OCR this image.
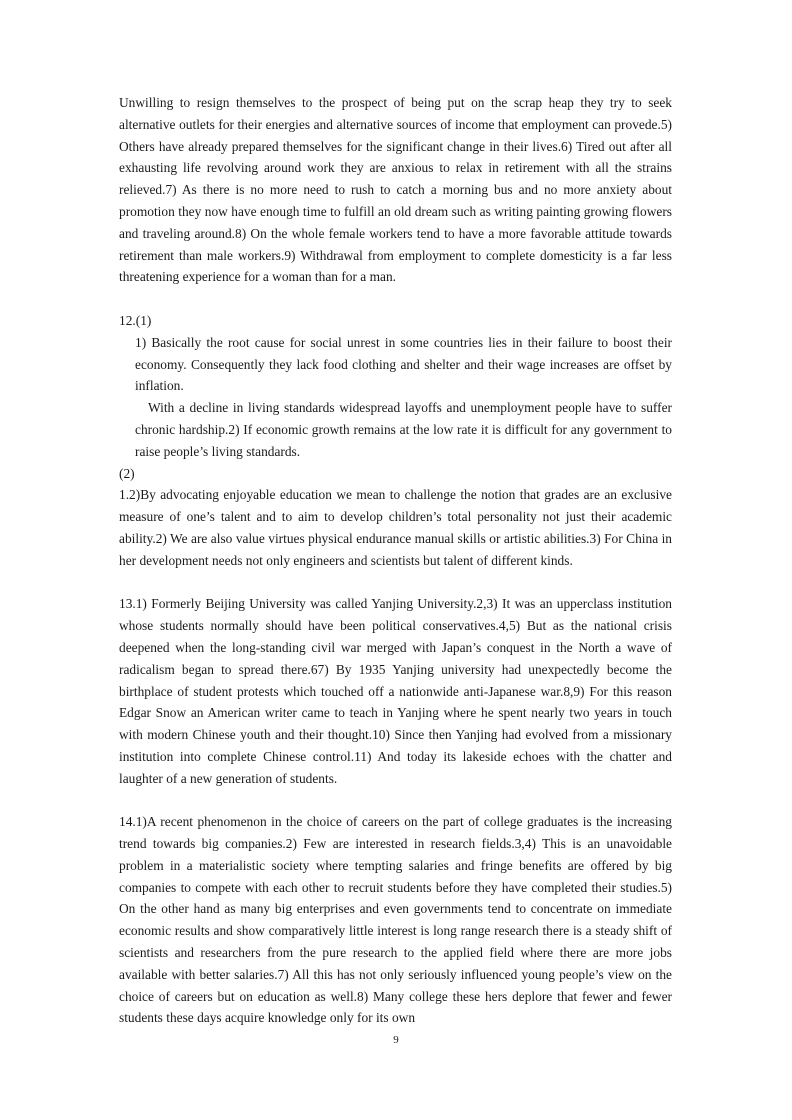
Unwilling to resign themselves to the prospect of being put on the scrap heap they try to seek alternative outlets for their energies and alternative sources of income that employment can provede.5) Others have already prepared themselves for the significant change in their lives.6) Tired out after all exhausting life revolving around work they are anxious to relax in retirement with all the strains relieved.7) As there is no more need to rush to catch a morning bus and no more anxiety about promotion they now have enough time to fulfill an old dream such as writing painting growing flowers and traveling around.8) On the whole female workers tend to have a more favorable attitude towards retirement than male workers.9) Withdrawal from employment to complete domesticity is a far less threatening experience for a woman than for a man.

12.(1)

1) Basically the root cause for social unrest in some countries lies in their failure to boost their economy. Consequently they lack food clothing and shelter and their wage increases are offset by inflation.

With a decline in living standards widespread layoffs and unemployment people have to suffer chronic hardship.2) If economic growth remains at the low rate it is difficult for any government to raise people’s living standards.

(2)

1.2)By advocating enjoyable education we mean to challenge the notion that grades are an exclusive measure of one’s talent and to aim to develop children’s total personality not just their academic ability.2) We are also value virtues physical endurance manual skills or artistic abilities.3) For China in her development needs not only engineers and scientists but talent of different kinds.

13.1) Formerly Beijing University was called Yanjing University.2,3) It was an upperclass institution whose students normally should have been political conservatives.4,5) But as the national crisis deepened when the long-standing civil war merged with Japan’s conquest in the North a wave of radicalism began to spread there.67) By 1935 Yanjing university had unexpectedly become the birthplace of student protests which touched off a nationwide anti-Japanese war.8,9) For this reason Edgar Snow an American writer came to teach in Yanjing where he spent nearly two years in touch with modern Chinese youth and their thought.10) Since then Yanjing had evolved from a missionary institution into complete Chinese control.11) And today its lakeside echoes with the chatter and laughter of a new generation of students.

14.1)A recent phenomenon in the choice of careers on the part of college graduates is the increasing trend towards big companies.2) Few are interested in research fields.3,4) This is an unavoidable problem in a materialistic society where tempting salaries and fringe benefits are offered by big companies to compete with each other to recruit students before they have completed their studies.5) On the other hand as many big enterprises and even governments tend to concentrate on immediate economic results and show comparatively little interest is long range research there is a steady shift of scientists and researchers from the pure research to the applied field where there are more jobs available with better salaries.7) All this has not only seriously influenced young people’s view on the choice of careers but on education as well.8) Many college these hers deplore that fewer and fewer students these days acquire knowledge only for its own

9
